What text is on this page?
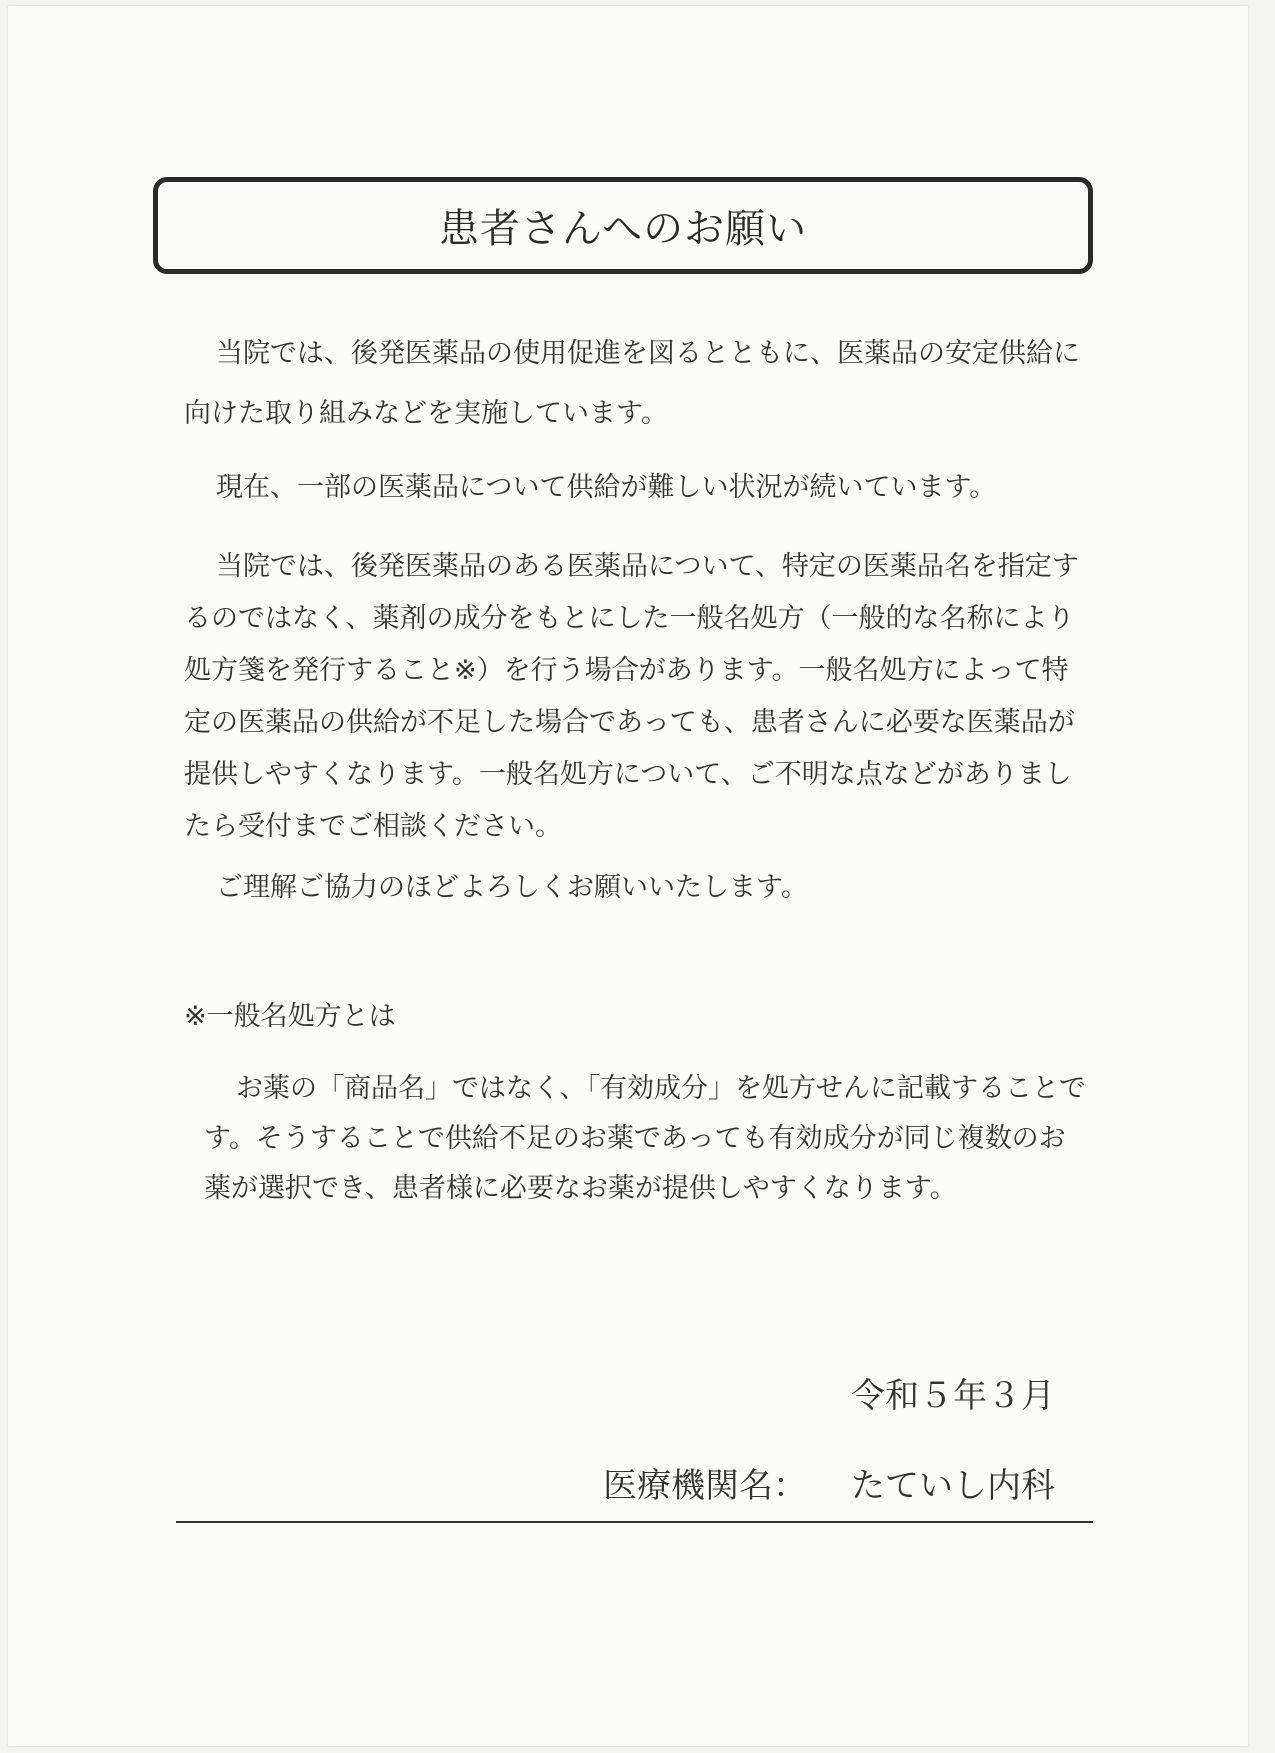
患者さんへのお願い

当院では、後発医薬品の使用促進を図るとともに、医薬品の安定供給に向けた取り組みなどを実施しています。

現在、一部の医薬品について供給が難しい状況が続いています。

当院では、後発医薬品のある医薬品について、特定の医薬品名を指定するのではなく、薬剤の成分をもとにした一般名処方（一般的な名称により処方箋を発行すること※）を行う場合があります。一般名処方によって特定の医薬品の供給が不足した場合であっても、患者さんに必要な医薬品が提供しやすくなります。一般名処方について、ご不明な点などがありましたら受付までご相談ください。

ご理解ご協力のほどよろしくお願いいたします。

※一般名処方とは

お薬の「商品名」ではなく、「有効成分」を処方せんに記載することです。そうすることで供給不足のお薬であっても有効成分が同じ複数のお薬が選択でき、患者様に必要なお薬が提供しやすくなります。

令和５年３月
医療機関名： たていし内科
